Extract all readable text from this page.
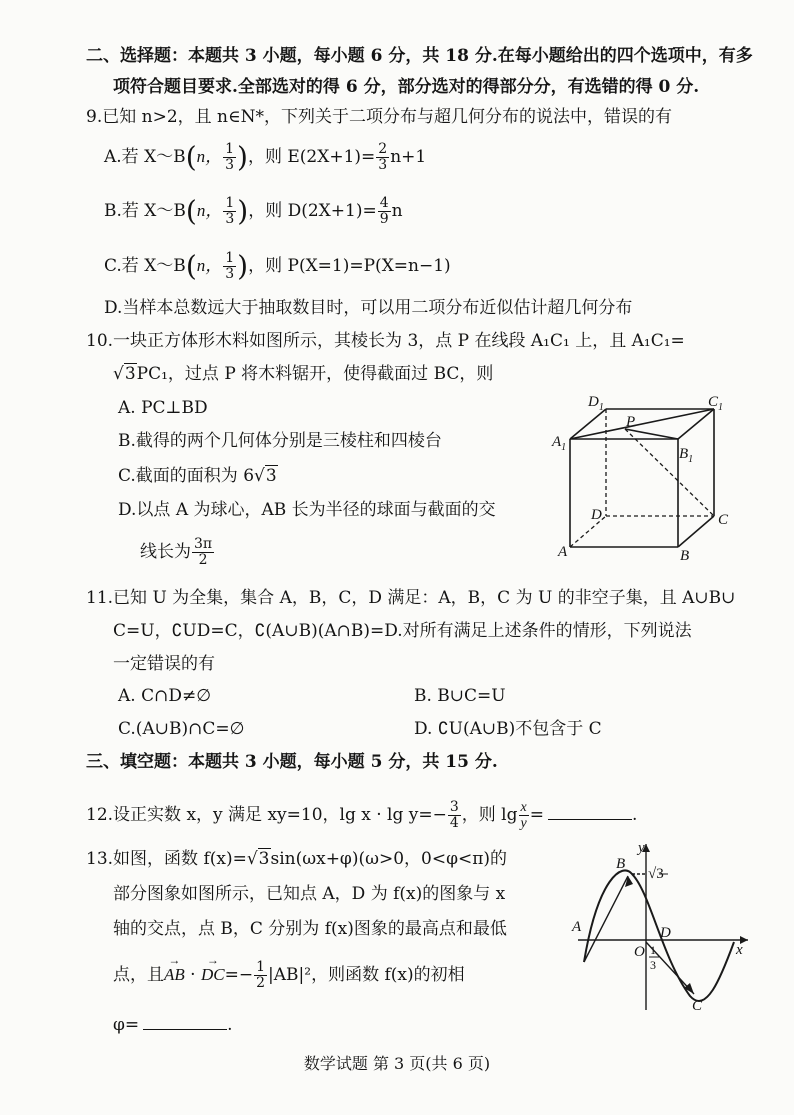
二、选择题：本题共 3 小题，每小题 6 分，共 18 分.在每小题给出的四个选项中，有多
项符合题目要求.全部选对的得 6 分，部分选对的得部分分，有选错的得 0 分.
9.已知 n>2，且 n∈N*，下列关于二项分布与超几何分布的说法中，错误的有
A.若 X～B(n， $\frac{1}{3}$ )，则 $E(2X+1)= \frac{2}{3} n+1$
B.若 X～B(n， $\frac{1}{3}$ )，则 $D(2X+1)= \frac{4}{9}$ n
C.若 X～B(n， $\frac{1}{3}$ )，则 P(X=1)=P(X=n−1)
D.当样本总数远大于抽取数目时，可以用二项分布近似估计超几何分布
10.一块正方体形木料如图所示，其棱长为 3，点 P 在线段 A₁C₁ 上，且 A₁C₁=
√3PC₁，过点 P 将木料锯开，使得截面过 BC，则
A. PC⊥BD
B.截得的两个几何体分别是三棱柱和四棱台
C.截面的面积为 6√3
D.以点 A 为球心，AB 长为半径的球面与截面的交
线长为 $\frac{3\pi}{2}$
$D_1$	$C_1$
$A_1$	$B_1$
P
D	C
A	B
11.已知 U 为全集，集合 A，B，C，D 满足：A，B，C 为 U 的非空子集，且 A∪B∪
C=U，∁UD=C，∁(A∪B)(A∩B)=D.对所有满足上述条件的情形，下列说法
一定错误的有
A. C∩D≠∅	B. B∪C=U
C.(A∪B)∩C=∅	D. ∁U(A∪B)不包含于 C
三、填空题：本题共 3 小题，每小题 5 分，共 15 分.
12.设正实数 x，y 满足 xy=10，$\lg x \cdot \lg y=- \frac{3}{4}$ ，则 $\lg \frac{x}{y}$ =	.
13.如图，函数 f(x)=√3sin(ωx+φ)(ω>0，0<φ<π)的
部分图象如图所示，已知点 A，D 为 f(x)的图象与 x
轴的交点，点 B，C 分别为 f(x)图象的最高点和最低
点，且→ AB · → $DC=- \frac{1}{2} |AB|^2$，则函数 f(x)的初相
φ=	.
B
A	D
C
O	x
y
√3
1
3
数学试题 第 3 页(共 6 页)
